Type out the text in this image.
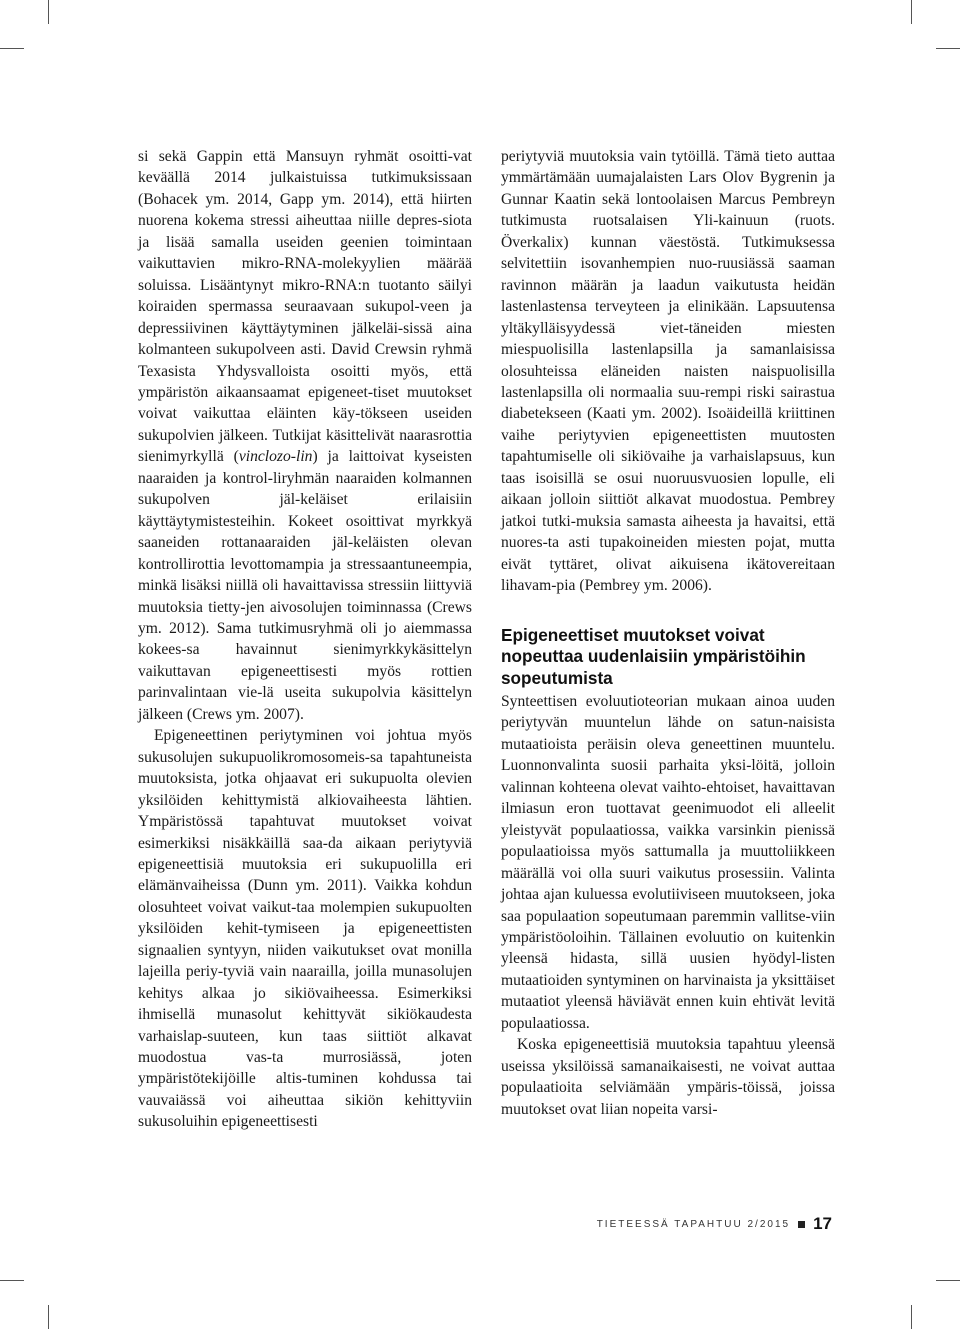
si sekä Gappin että Mansuyn ryhmät osoitti-vat keväällä 2014 julkaistuissa tutkimuksissaan (Bohacek ym. 2014, Gapp ym. 2014), että hiirten nuorena kokema stressi aiheuttaa niille depres-siota ja lisää samalla useiden geenien toimintaan vaikuttavien mikro-RNA-molekyylien määrää soluissa. Lisääntynyt mikro-RNA:n tuotanto säilyi koiraiden spermassa seuraavaan sukupol-veen ja depressiivinen käyttäytyminen jälkeläi-sissä aina kolmanteen sukupolveen asti. David Crewsin ryhmä Texasista Yhdysvalloista osoitti myös, että ympäristön aikaansaamat epigeneet-tiset muutokset voivat vaikuttaa eläinten käy-tökseen useiden sukupolvien jälkeen. Tutkijat käsittelivät naarasrottia sienimyrkyllä (vinclozo-lin) ja laittoivat kyseisten naaraiden ja kontrol-liryhmän naaraiden kolmannen sukupolven jäl-keläiset erilaisiin käyttäytymistesteihin. Kokeet osoittivat myrkkyä saaneiden rottanaaraiden jäl-keläisten olevan kontrollirottia levottomampia ja stressaantuneempia, minkä lisäksi niillä oli havaittavissa stressiin liittyviä muutoksia tietty-jen aivosolujen toiminnassa (Crews ym. 2012). Sama tutkimusryhmä oli jo aiemmassa kokees-sa havainnut sienimyrkkykäsittelyn vaikuttavan epigeneettisesti myös rottien parinvalintaan vie-lä useita sukupolvia käsittelyn jälkeen (Crews ym. 2007).

Epigeneettinen periytyminen voi johtua myös sukusolujen sukupuolikromosomeis-sa tapahtuneista muutoksista, jotka ohjaavat eri sukupuolta olevien yksilöiden kehittymistä alkiovaiheesta lähtien. Ympäristössä tapahtuvat muutokset voivat esimerkiksi nisäkkäillä saa-da aikaan periytyviä epigeneettisiä muutoksia eri sukupuolilla eri elämänvaiheissa (Dunn ym. 2011). Vaikka kohdun olosuhteet voivat vaikut-taa molempien sukupuolten yksilöiden kehit-tymiseen ja epigeneettisten signaalien syntyyn, niiden vaikutukset ovat monilla lajeilla periy-tyviä vain naarailla, joilla munasolujen kehitys alkaa jo sikiövaiheessa. Esimerkiksi ihmisellä munasolut kehittyvät sikiökaudesta varhaislap-suuteen, kun taas siittiöt alkavat muodostua vas-ta murrosiässä, joten ympäristötekijöille altis-tuminen kohdussa tai vauvaiässä voi aiheuttaa sikiön kehittyviin sukusoluihin epigeneettisesti

periytyviä muutoksia vain tytöillä. Tämä tieto auttaa ymmärtämään uumajalaisten Lars Olov Bygrenin ja Gunnar Kaatin sekä lontoolaisen Marcus Pembreyn tutkimusta ruotsalaisen Yli-kainuun (ruots. Överkalix) kunnan väestöstä. Tutkimuksessa selvitettiin isovanhempien nuo-ruusiässä saaman ravinnon määrän ja laadun vaikutusta heidän lastenlastensa terveyteen ja elinikään. Lapsuutensa yltäkylläisyydessä viet-täneiden miesten miespuolisilla lastenlapsilla ja samanlaisissa olosuhteissa eläneiden naisten naispuolisilla lastenlapsilla oli normaalia suu-rempi riski sairastua diabetekseen (Kaati ym. 2002). Isoäideillä kriittinen vaihe periytyvien epigeneettisten muutosten tapahtumiselle oli sikiövaihe ja varhaislapsuus, kun taas isoisillä se osui nuoruusvuosien lopulle, eli aikaan jolloin siittiöt alkavat muodostua. Pembrey jatkoi tutki-muksia samasta aiheesta ja havaitsi, että nuores-ta asti tupakoineiden miesten pojat, mutta eivät tyttäret, olivat aikuisena ikätovereitaan lihavam-pia (Pembrey ym. 2006).

Epigeneettiset muutokset voivat nopeuttaa uudenlaisiin ympäristöihin sopeutumista

Synteettisen evoluutioteorian mukaan ainoa uuden periytyvän muuntelun lähde on satun-naisista mutaatioista peräisin oleva geneettinen muuntelu. Luonnonvalinta suosii parhaita yksi-löitä, jolloin valinnan kohteena olevat vaihto-ehtoiset, havaittavan ilmiasun eron tuottavat geenimuodot eli alleelit yleistyvät populaatiossa, vaikka varsinkin pienissä populaatioissa myös sattumalla ja muuttoliikkeen määrällä voi olla suuri vaikutus prosessiin. Valinta johtaa ajan kuluessa evolutiiviseen muutokseen, joka saa populaation sopeutumaan paremmin vallitse-viin ympäristöoloihin. Tällainen evoluutio on kuitenkin yleensä hidasta, sillä uusien hyödyl-listen mutaatioiden syntyminen on harvinaista ja yksittäiset mutaatiot yleensä häviävät ennen kuin ehtivät levitä populaatiossa.

Koska epigeneettisiä muutoksia tapahtuu yleensä useissa yksilöissä samanaikaisesti, ne voivat auttaa populaatioita selviämään ympäris-töissä, joissa muutokset ovat liian nopeita varsi-

TIETEESSÄ TAPAHTUU 2/2015 17
